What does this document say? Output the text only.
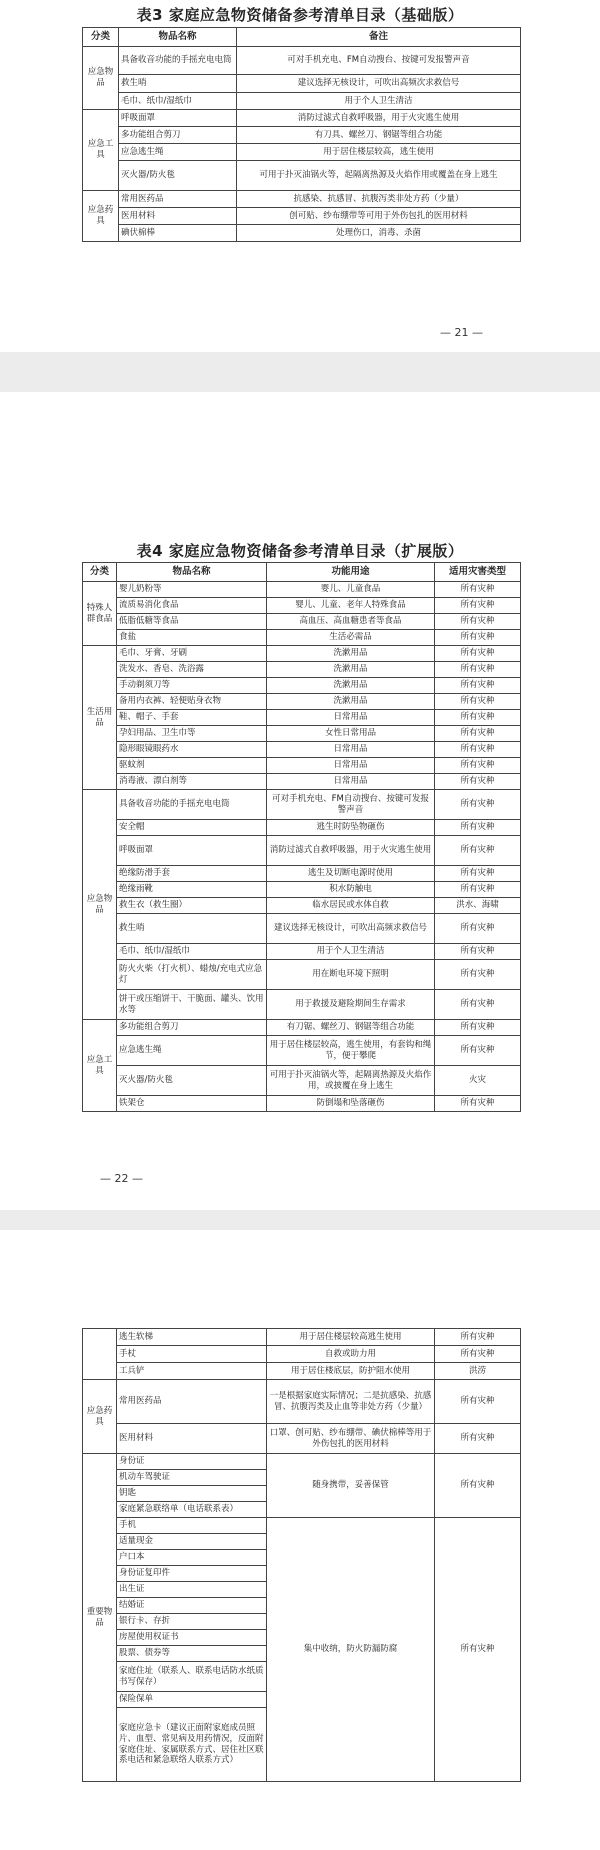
表3 家庭应急物资储备参考清单目录（基础版）
分类	物品名称	备注
应急物品	具备收音功能的手摇充电电筒	可对手机充电、FM自动搜台、按键可发报警声音
	救生哨	建议选择无核设计，可吹出高频次求救信号
	毛巾、纸巾/湿纸巾	用于个人卫生清洁
应急工具	呼吸面罩	消防过滤式自救呼吸器，用于火灾逃生使用
	多功能组合剪刀	有刀具、螺丝刀、钢锯等组合功能
	应急逃生绳	用于居住楼层较高，逃生使用
	灭火器/防火毯	可用于扑灭油锅火等，起隔离热源及火焰作用或覆盖在身上逃生
应急药具	常用医药品	抗感染、抗感冒、抗腹泻类非处方药（少量）
	医用材料	创可贴、纱布绷带等可用于外伤包扎的医用材料
	碘伏棉棒	处理伤口，消毒、杀菌
— 21 —
表4 家庭应急物资储备参考清单目录（扩展版）
分类	物品名称	功能用途	适用灾害类型
特殊人群食品	婴儿奶粉等	婴儿、儿童食品	所有灾种
	流质易消化食品	婴儿、儿童、老年人特殊食品	所有灾种
	低脂低糖等食品	高血压、高血糖患者等食品	所有灾种
	食盐	生活必需品	所有灾种
生活用品	毛巾、牙膏、牙刷	洗漱用品	所有灾种
	洗发水、香皂、洗浴露	洗漱用品	所有灾种
	手动剃须刀等	洗漱用品	所有灾种
	备用内衣裤、轻便贴身衣物	洗漱用品	所有灾种
	鞋、帽子、手套	日常用品	所有灾种
	孕妇用品、卫生巾等	女性日常用品	所有灾种
	隐形眼镜眼药水	日常用品	所有灾种
	驱蚊剂	日常用品	所有灾种
	消毒液、漂白剂等	日常用品	所有灾种
应急物品	具备收音功能的手摇充电电筒	可对手机充电、FM自动搜台、按键可发报警声音	所有灾种
	安全帽	逃生时防坠物砸伤	所有灾种
	呼吸面罩	消防过滤式自救呼吸器，用于火灾逃生使用	所有灾种
	绝缘防滑手套	逃生及切断电源时使用	所有灾种
	绝缘雨靴	积水防触电	所有灾种
	救生衣（救生圈）	临水居民或水体自救	洪水、海啸
	救生哨	建议选择无核设计，可吹出高频求救信号	所有灾种
	毛巾、纸巾/湿纸巾	用于个人卫生清洁	所有灾种
	防火火柴（打火机）、蜡烛/充电式应急灯	用在断电环境下照明	所有灾种
	饼干或压缩饼干、干脆面、罐头、饮用水等	用于救援及避险期间生存需求	所有灾种
应急工具	多功能组合剪刀	有刀锯、螺丝刀、钢锯等组合功能	所有灾种
	应急逃生绳	用于居住楼层较高，逃生使用，有套钩和绳节，便于攀爬	所有灾种
	灭火器/防火毯	可用于扑灭油锅火等，起隔离热源及火焰作用，或披覆在身上逃生	火灾
	铁架仓	防倒塌和坠落砸伤	所有灾种
— 22 —
	逃生软梯	用于居住楼层较高逃生使用	所有灾种
	手杖	自救或助力用	所有灾种
	工兵铲	用于居住楼底层，防护阻水使用	洪涝
应急药具	常用医药品	一是根据家庭实际情况；二是抗感染、抗感冒、抗腹泻类及止血等非处方药（少量）	所有灾种
	医用材料	口罩、创可贴、纱布绷带、碘伏棉棒等用于外伤包扎的医用材料	所有灾种
重要物品	身份证	随身携带，妥善保管	所有灾种
	机动车驾驶证		
	钥匙		
	家庭紧急联络单（电话联系表）		
	手机	集中收纳，防火防漏防腐	所有灾种
	适量现金		
	户口本		
	身份证复印件		
	出生证		
	结婚证		
	银行卡、存折		
	房屋使用权证书		
	股票、债券等		
	家庭住址（联系人、联系电话防水纸质书写保存）		
	保险保单		
	家庭应急卡（建议正面附家庭成员照片、血型、常见病及用药情况，反面附家庭住址、家属联系方式、居住社区联系电话和紧急联络人联系方式）		
